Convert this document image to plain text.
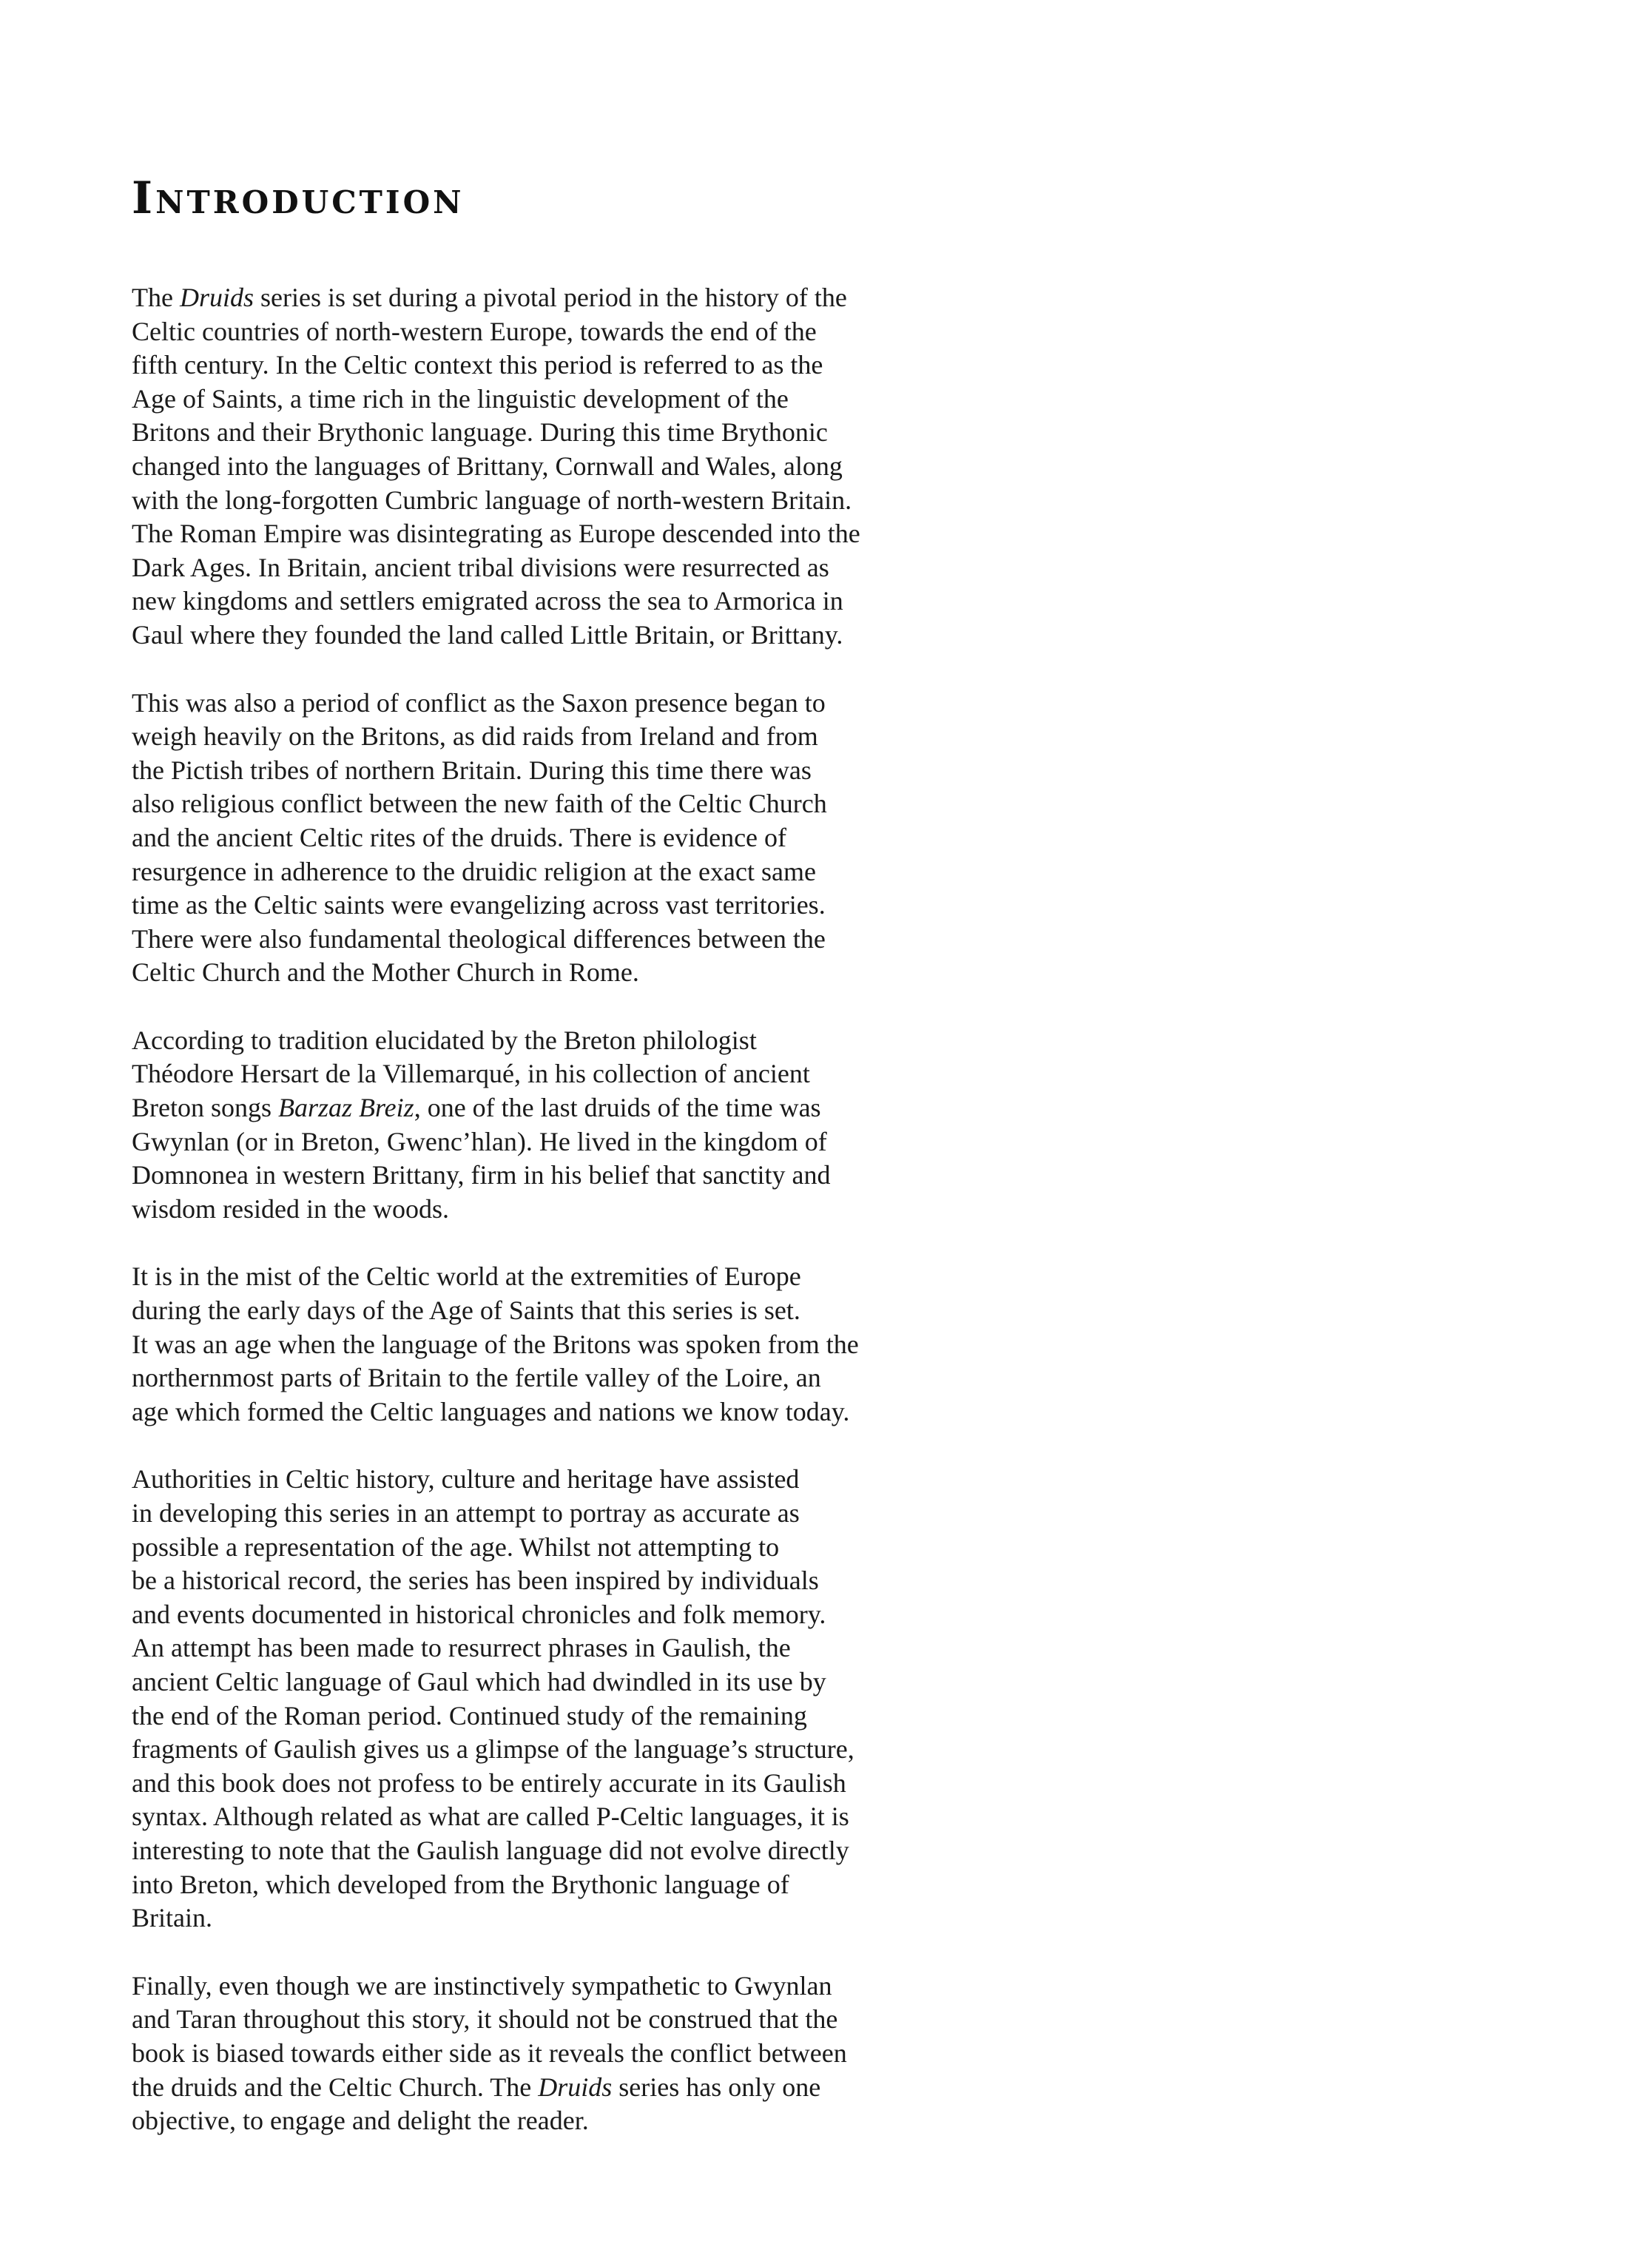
Introduction
The Druids series is set during a pivotal period in the history of the
Celtic countries of north-western Europe, towards the end of the
fifth century. In the Celtic context this period is referred to as the
Age of Saints, a time rich in the linguistic development of the
Britons and their Brythonic language. During this time Brythonic
changed into the languages of Brittany, Cornwall and Wales, along
with the long-forgotten Cumbric language of north-western Britain.
The Roman Empire was disintegrating as Europe descended into the
Dark Ages. In Britain, ancient tribal divisions were resurrected as
new kingdoms and settlers emigrated across the sea to Armorica in
Gaul where they founded the land called Little Britain, or Brittany.
This was also a period of conflict as the Saxon presence began to
weigh heavily on the Britons, as did raids from Ireland and from
the Pictish tribes of northern Britain. During this time there was
also religious conflict between the new faith of the Celtic Church
and the ancient Celtic rites of the druids. There is evidence of
resurgence in adherence to the druidic religion at the exact same
time as the Celtic saints were evangelizing across vast territories.
There were also fundamental theological differences between the
Celtic Church and the Mother Church in Rome.
According to tradition elucidated by the Breton philologist
Théodore Hersart de la Villemarqué, in his collection of ancient
Breton songs Barzaz Breiz, one of the last druids of the time was
Gwynlan (or in Breton, Gwenc’hlan). He lived in the kingdom of
Domnonea in western Brittany, firm in his belief that sanctity and
wisdom resided in the woods.
It is in the mist of the Celtic world at the extremities of Europe
during the early days of the Age of Saints that this series is set.
It was an age when the language of the Britons was spoken from the
northernmost parts of Britain to the fertile valley of the Loire, an
age which formed the Celtic languages and nations we know today.
Authorities in Celtic history, culture and heritage have assisted
in developing this series in an attempt to portray as accurate as
possible a representation of the age. Whilst not attempting to
be a historical record, the series has been inspired by individuals
and events documented in historical chronicles and folk memory.
An attempt has been made to resurrect phrases in Gaulish, the
ancient Celtic language of Gaul which had dwindled in its use by
the end of the Roman period. Continued study of the remaining
fragments of Gaulish gives us a glimpse of the language’s structure,
and this book does not profess to be entirely accurate in its Gaulish
syntax. Although related as what are called P-Celtic languages, it is
interesting to note that the Gaulish language did not evolve directly
into Breton, which developed from the Brythonic language of
Britain.
Finally, even though we are instinctively sympathetic to Gwynlan
and Taran throughout this story, it should not be construed that the
book is biased towards either side as it reveals the conflict between
the druids and the Celtic Church. The Druids series has only one
objective, to engage and delight the reader.
